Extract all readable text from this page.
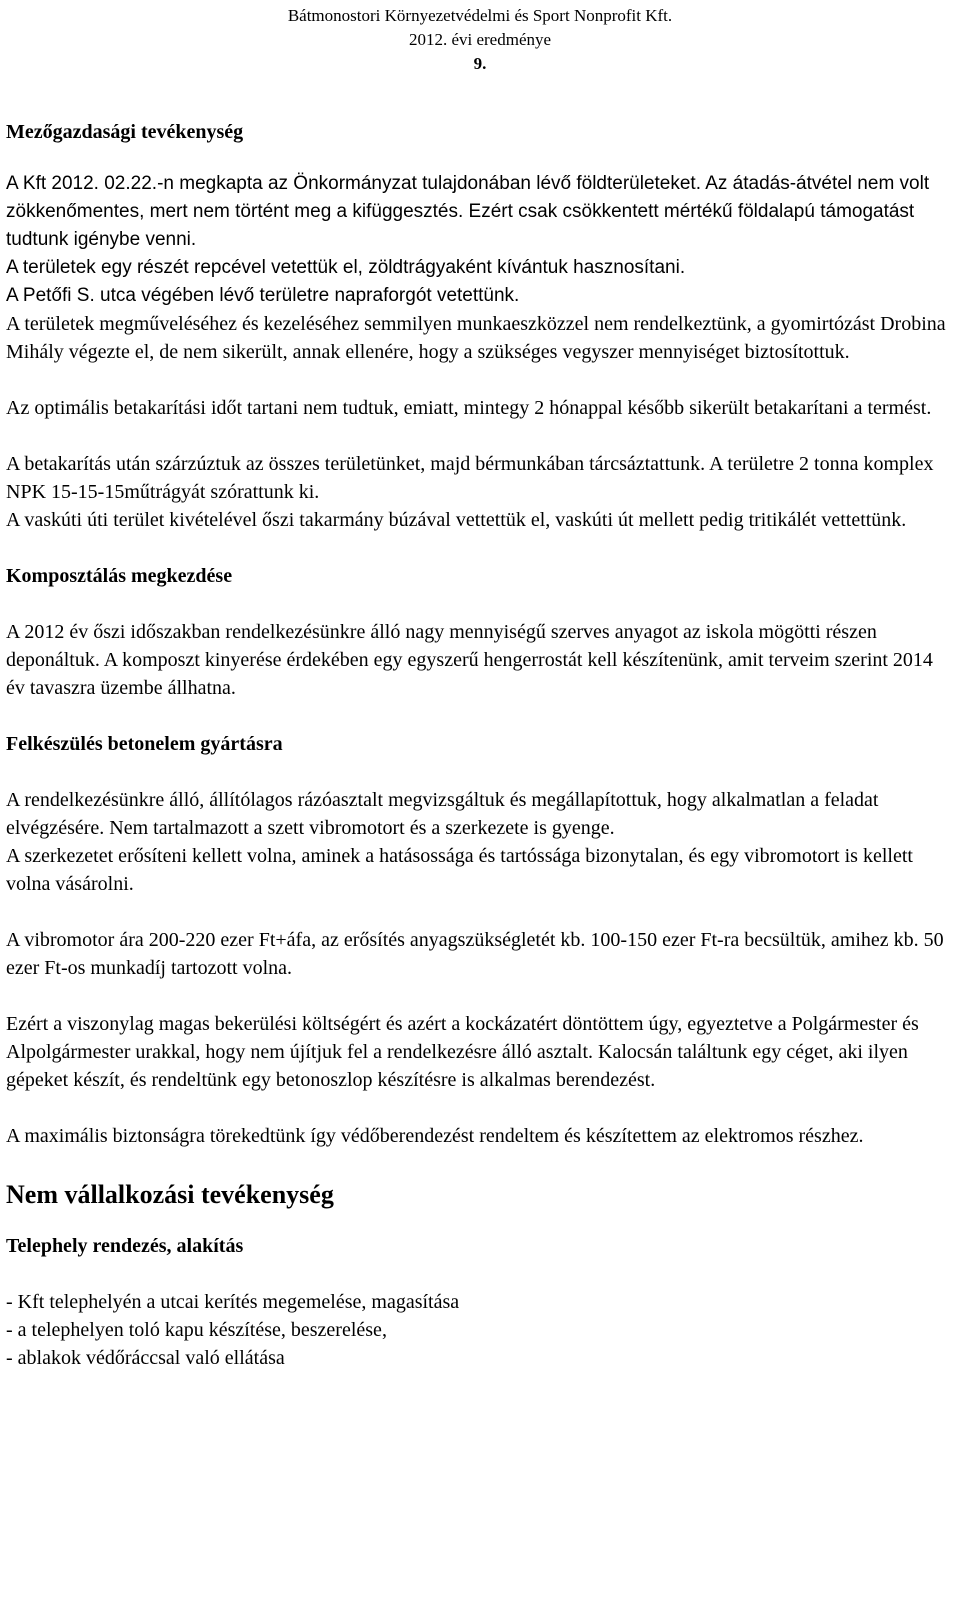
Bátmonostori Környezetvédelmi és Sport Nonprofit Kft.
2012. évi eredménye
9.

Mezőgazdasági tevékenység

A Kft 2012. 02.22.-n megkapta az Önkormányzat tulajdonában lévő földterületeket. Az átadás-átvétel nem volt zökkenőmentes, mert nem történt meg a kifüggesztés. Ezért csak csökkentett mértékű földalapú támogatást tudtunk igénybe venni.

A területek egy részét repcével vetettük el, zöldtrágyaként kívántuk hasznosítani.

A Petőfi S. utca végében lévő területre napraforgót vetettünk.

A területek megműveléséhez és kezeléséhez semmilyen munkaeszközzel nem rendelkeztünk, a gyomirtózást Drobina Mihály végezte el, de nem sikerült, annak ellenére, hogy a szükséges vegyszer mennyiséget biztosítottuk.

Az optimális betakarítási időt tartani nem tudtuk, emiatt, mintegy 2 hónappal később sikerült betakarítani a termést.

A betakarítás után szárzúztuk az összes területünket, majd bérmunkában tárcsáztattunk. A területre 2 tonna komplex NPK 15-15-15műtrágyát szórattunk ki.

A vaskúti úti terület kivételével őszi takarmány búzával vettettük el, vaskúti út mellett pedig tritikálét vettettünk.

Komposztálás megkezdése

A 2012 év őszi időszakban rendelkezésünkre álló nagy mennyiségű szerves anyagot az iskola mögötti részen deponáltuk. A komposzt kinyerése érdekében egy egyszerű hengerrostát kell készítenünk, amit terveim szerint 2014 év tavaszra üzembe állhatna.

Felkészülés betonelem gyártásra

A rendelkezésünkre álló, állítólagos rázóasztalt megvizsgáltuk és megállapítottuk, hogy alkalmatlan a feladat elvégzésére. Nem tartalmazott a szett vibromotort és a szerkezete is gyenge.

A szerkezetet erősíteni kellett volna, aminek a hatásossága és tartóssága bizonytalan, és egy vibromotort is kellett volna vásárolni.

A vibromotor ára 200-220 ezer Ft+áfa, az erősítés anyagszükségletét kb. 100-150 ezer Ft-ra becsültük, amihez kb. 50 ezer Ft-os munkadíj tartozott volna.

Ezért a viszonylag magas bekerülési költségért és azért a kockázatért döntöttem úgy, egyeztetve a Polgármester és Alpolgármester urakkal, hogy nem újítjuk fel a rendelkezésre álló asztalt. Kalocsán találtunk egy céget, aki ilyen gépeket készít, és rendeltünk egy betonoszlop készítésre is alkalmas berendezést.

A maximális biztonságra törekedtünk így védőberendezést rendeltem és készítettem az elektromos részhez.

Nem vállalkozási tevékenység

Telephely rendezés, alakítás

- Kft telephelyén a utcai kerítés megemelése, magasítása

- a telephelyen toló kapu készítése, beszerelése,

- ablakok védőráccsal való ellátása
